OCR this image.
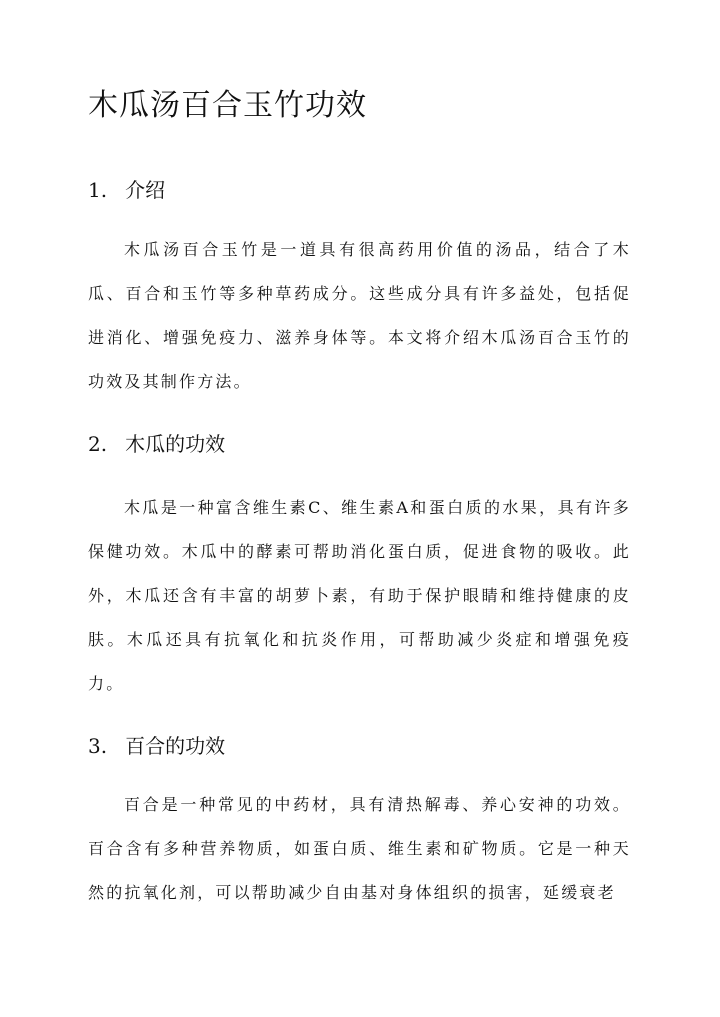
木瓜汤百合玉竹功效
1. 介绍

木瓜汤百合玉竹是一道具有很高药用价值的汤品，结合了木瓜、百合和玉竹等多种草药成分。这些成分具有许多益处，包括促进消化、增强免疫力、滋养身体等。本文将介绍木瓜汤百合玉竹的功效及其制作方法。

2. 木瓜的功效

木瓜是一种富含维生素C、维生素A和蛋白质的水果，具有许多保健功效。木瓜中的酵素可帮助消化蛋白质，促进食物的吸收。此外，木瓜还含有丰富的胡萝卜素，有助于保护眼睛和维持健康的皮肤。木瓜还具有抗氧化和抗炎作用，可帮助减少炎症和增强免疫力。

3. 百合的功效

百合是一种常见的中药材，具有清热解毒、养心安神的功效。百合含有多种营养物质，如蛋白质、维生素和矿物质。它是一种天然的抗氧化剂，可以帮助减少自由基对身体组织的损害，延缓衰老
